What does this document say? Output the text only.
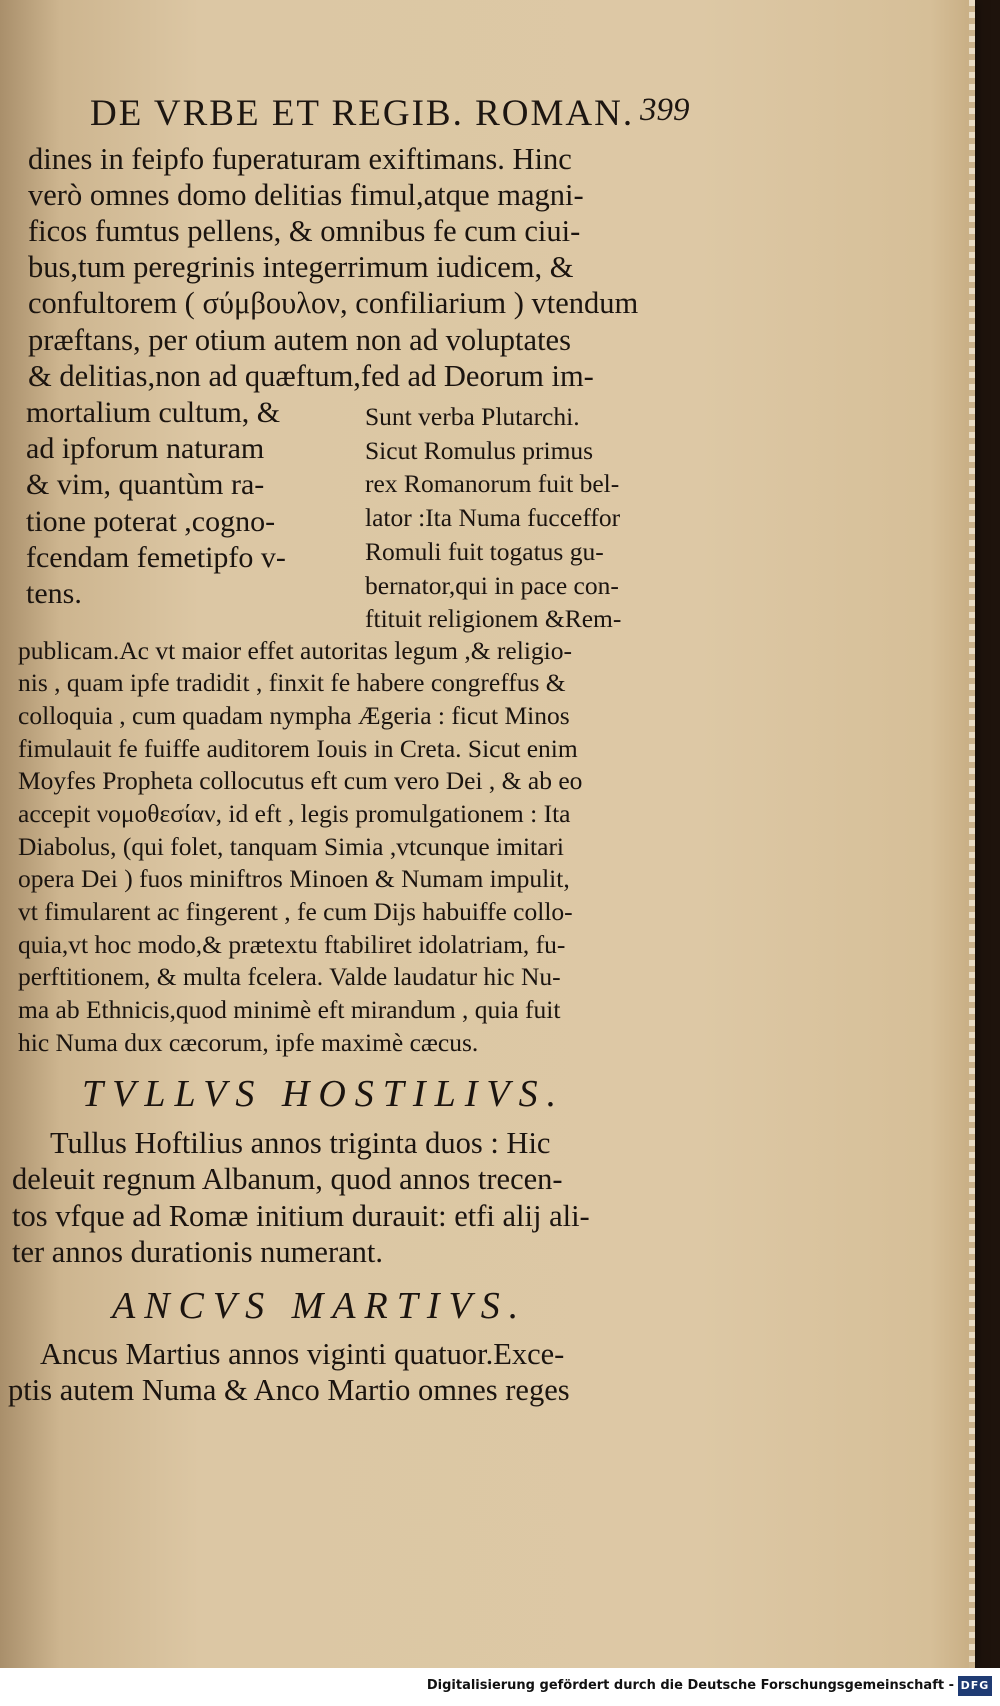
DE VRBE ET REGIB. ROMAN. 399
dines in feipfo fuperaturam exiftimans. Hinc
verò omnes domo delitias fimul,atque magni-
ficos fumtus pellens, & omnibus fe cum ciui-
bus,tum peregrinis integerrimum iudicem, &
confultorem ( σύμβουλον, confiliarium ) vtendum
præftans, per otium autem non ad voluptates
& delitias,non ad quæftum,fed ad Deorum im-
mortalium cultum, &
ad ipforum naturam
& vim, quantùm ra-
tione poterat ,cogno-
fcendam femetipfo v-
tens.
Sunt verba Plutarchi.
Sicut Romulus primus
rex Romanorum fuit bel-
lator :Ita Numa fucceffor
Romuli fuit togatus gu-
bernator,qui in pace con-
ftituit religionem &Rem-
publicam.Ac vt maior effet autoritas legum ,& religio-
nis , quam ipfe tradidit , finxit fe habere congreffus &
colloquia , cum quadam nympha Ægeria : ficut Minos
fimulauit fe fuiffe auditorem Iouis in Creta. Sicut enim
Moyfes Propheta collocutus eft cum vero Dei , & ab eo
accepit νομοθεσίαν, id eft , legis promulgationem : Ita
Diabolus, (qui folet, tanquam Simia ,vtcunque imitari
opera Dei ) fuos miniftros Minoen & Numam impulit,
vt fimularent ac fingerent , fe cum Dijs habuiffe collo-
quia,vt hoc modo,& prætextu ftabiliret idolatriam, fu-
perftitionem, & multa fcelera. Valde laudatur hic Nu-
ma ab Ethnicis,quod minimè eft mirandum , quia fuit
hic Numa dux cæcorum, ipfe maximè cæcus.
TVLLVS HOSTILIVS.
Tullus Hoftilius annos triginta duos : Hic
deleuit regnum Albanum, quod annos trecen-
tos vfque ad Romæ initium durauit: etfi alij ali-
ter annos durationis numerant.
ANCVS MARTIVS.
Ancus Martius annos viginti quatuor.Exce-
ptis autem Numa & Anco Martio omnes reges
Digitalisierung gefördert durch die Deutsche Forschungsgemeinschaft - DFG
